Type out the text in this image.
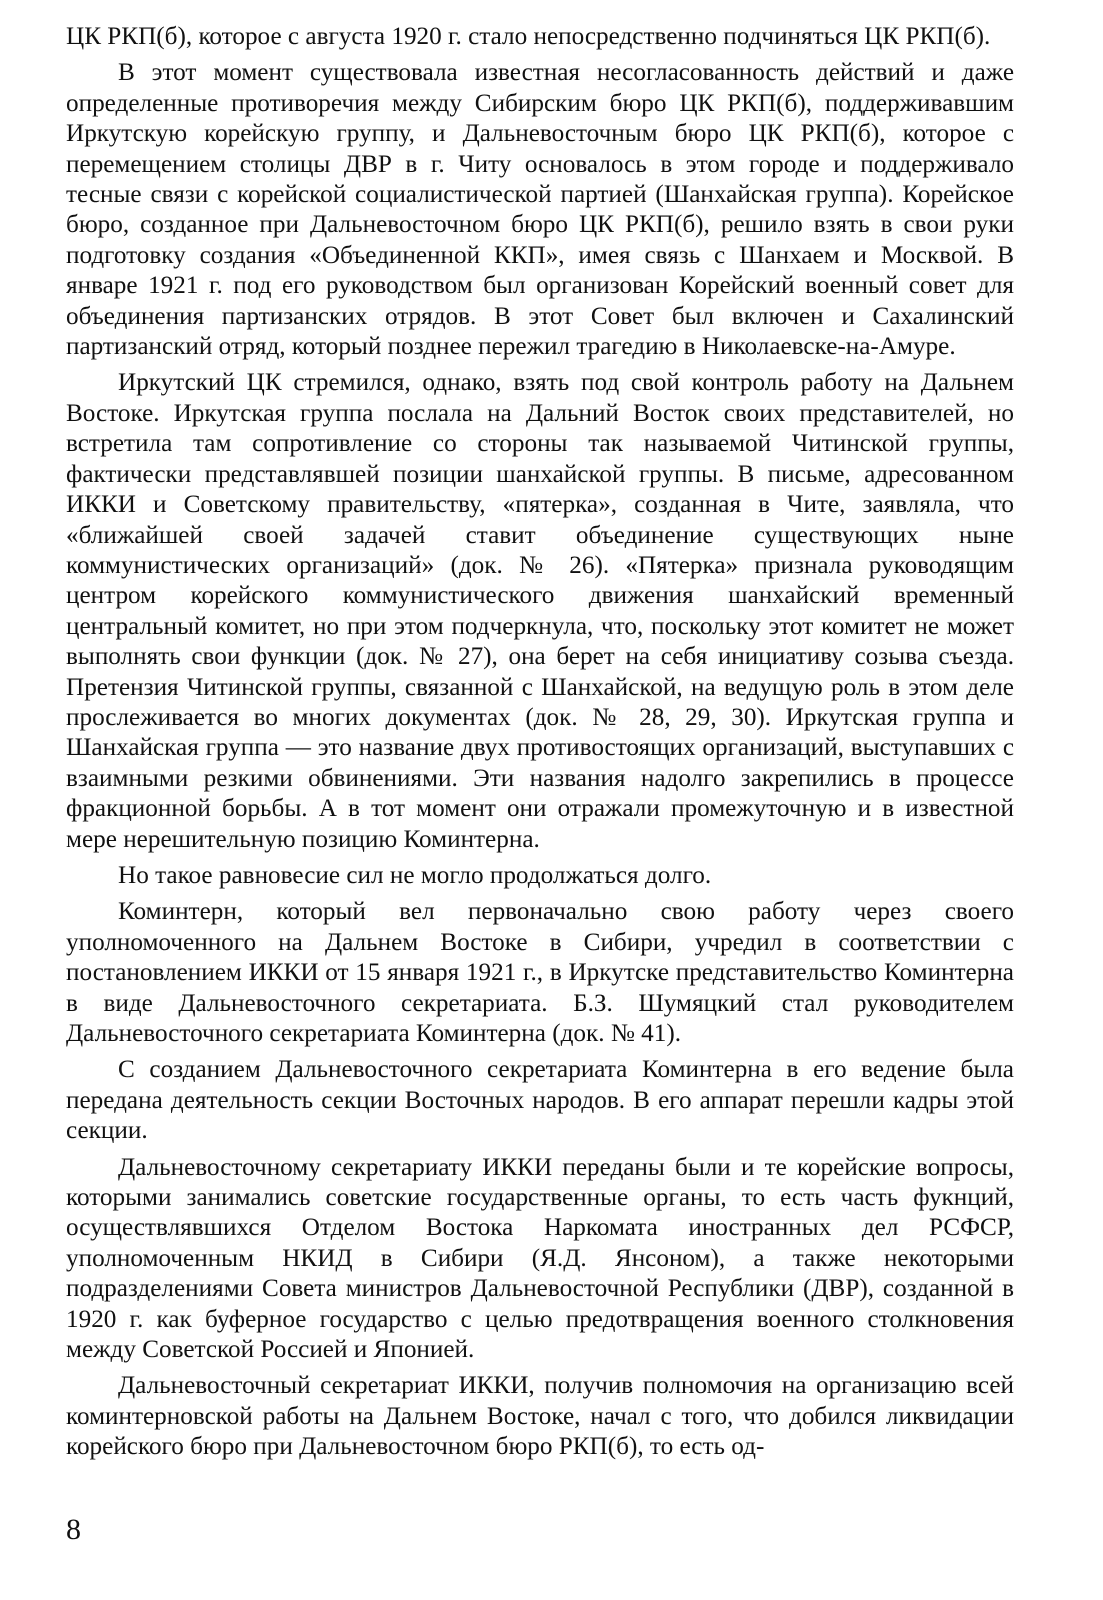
ЦК РКП(б), которое с августа 1920 г. стало непосредственно подчиняться ЦК РКП(б).

В этот момент существовала известная несогласованность действий и даже определенные противоречия между Сибирским бюро ЦК РКП(б), поддерживавшим Иркутскую корейскую группу, и Дальневосточным бюро ЦК РКП(б), которое с перемещением столицы ДВР в г. Читу основалось в этом городе и поддерживало тесные связи с корейской социалистической партией (Шанхайская группа). Корейское бюро, созданное при Дальневосточном бюро ЦК РКП(б), решило взять в свои руки подготовку создания «Объединенной ККП», имея связь с Шанхаем и Москвой. В январе 1921 г. под его руководством был организован Корейский военный совет для объединения партизанских отрядов. В этот Совет был включен и Сахалинский партизанский отряд, который позднее пережил трагедию в Николаевске-на-Амуре.

Иркутский ЦК стремился, однако, взять под свой контроль работу на Дальнем Востоке. Иркутская группа послала на Дальний Восток своих представителей, но встретила там сопротивление со стороны так называемой Читинской группы, фактически представлявшей позиции шанхайской группы. В письме, адресованном ИККИ и Советскому правительству, «пятерка», созданная в Чите, заявляла, что «ближайшей своей задачей ставит объединение существующих ныне коммунистических организаций» (док. № 26). «Пятерка» признала руководящим центром корейского коммунистического движения шанхайский временный центральный комитет, но при этом подчеркнула, что, поскольку этот комитет не может выполнять свои функции (док. № 27), она берет на себя инициативу созыва съезда. Претензия Читинской группы, связанной с Шанхайской, на ведущую роль в этом деле прослеживается во многих документах (док. № 28, 29, 30). Иркутская группа и Шанхайская группа — это название двух противостоящих организаций, выступавших с взаимными резкими обвинениями. Эти названия надолго закрепились в процессе фракционной борьбы. А в тот момент они отражали промежуточную и в известной мере нерешительную позицию Коминтерна.

Но такое равновесие сил не могло продолжаться долго.

Коминтерн, который вел первоначально свою работу через своего уполномоченного на Дальнем Востоке в Сибири, учредил в соответствии с постановлением ИККИ от 15 января 1921 г., в Иркутске представительство Коминтерна в виде Дальневосточного секретариата. Б.З. Шумяцкий стал руководителем Дальневосточного секретариата Коминтерна (док. № 41).

С созданием Дальневосточного секретариата Коминтерна в его ведение была передана деятельность секции Восточных народов. В его аппарат перешли кадры этой секции.

Дальневосточному секретариату ИККИ переданы были и те корейские вопросы, которыми занимались советские государственные органы, то есть часть фукнций, осуществлявшихся Отделом Востока Наркомата иностранных дел РСФСР, уполномоченным НКИД в Сибири (Я.Д. Янсоном), а также некоторыми подразделениями Совета министров Дальневосточной Республики (ДВР), созданной в 1920 г. как буферное государство с целью предотвращения военного столкновения между Советской Россией и Японией.

Дальневосточный секретариат ИККИ, получив полномочия на организацию всей коминтерновской работы на Дальнем Востоке, начал с того, что добился ликвидации корейского бюро при Дальневосточном бюро РКП(б), то есть од-

8
